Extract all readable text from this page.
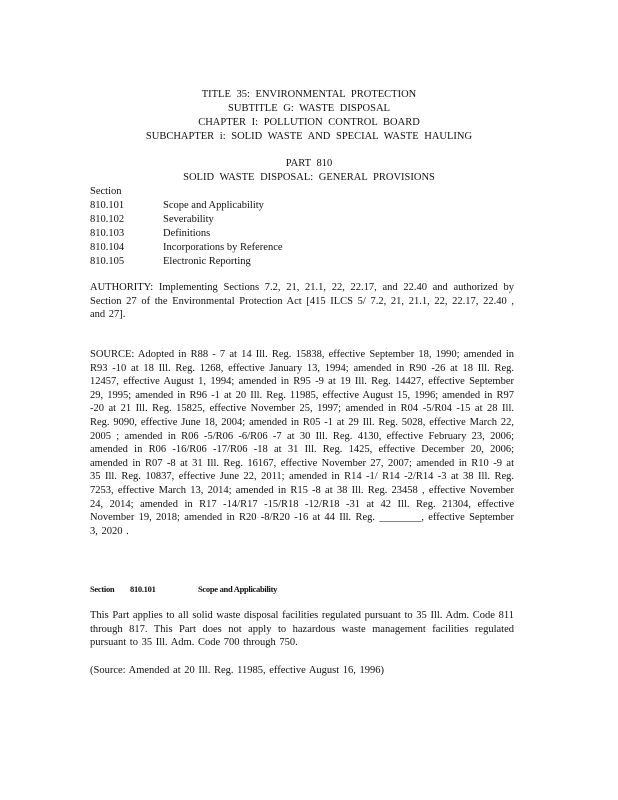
TITLE 35: ENVIRONMENTAL PROTECTION
SUBTITLE G: WASTE DISPOSAL
CHAPTER I: POLLUTION CONTROL BOARD
SUBCHAPTER i: SOLID WASTE AND SPECIAL WASTE HAULING
PART 810
SOLID WASTE DISPOSAL: GENERAL PROVISIONS
Section
810.101	Scope and Applicability
810.102	Severability
810.103	Definitions
810.104	Incorporations by Reference
810.105	Electronic Reporting
AUTHORITY: Implementing Sections 7.2, 21, 21.1, 22, 22.17, and 22.40 and authorized by Section 27 of the Environmental Protection Act [415 ILCS 5/ 7.2, 21, 21.1, 22, 22.17, 22.40 , and 27].
SOURCE: Adopted in R88 - 7 at 14 Ill. Reg. 15838, effective September 18, 1990; amended in R93 -10 at 18 Ill. Reg. 1268, effective January 13, 1994; amended in R90 -26 at 18 Ill. Reg. 12457, effective August 1, 1994; amended in R95 -9 at 19 Ill. Reg. 14427, effective September 29, 1995; amended in R96 -1 at 20 Ill. Reg. 11985, effective August 15, 1996; amended in R97 -20 at 21 Ill. Reg. 15825, effective November 25, 1997; amended in R04 -5/R04 -15 at 28 Ill. Reg. 9090, effective June 18, 2004; amended in R05 -1 at 29 Ill. Reg. 5028, effective March 22, 2005 ; amended in R06 -5/R06 -6/R06 -7 at 30 Ill. Reg. 4130, effective February 23, 2006; amended in R06 -16/R06 -17/R06 -18 at 31 Ill. Reg. 1425, effective December 20, 2006; amended in R07 -8 at 31 Ill. Reg. 16167, effective November 27, 2007; amended in R10 -9 at 35 Ill. Reg. 10837, effective June 22, 2011; amended in R14 -1/ R14 -2/R14 -3 at 38 Ill. Reg. 7253, effective March 13, 2014; amended in R15 -8 at 38 Ill. Reg. 23458 , effective November 24, 2014; amended in R17 -14/R17 -15/R18 -12/R18 -31 at 42 Ill. Reg. 21304, effective November 19, 2018; amended in R20 -8/R20 -16 at 44 Ill. Reg. ________, effective September 3, 2020 .
Section 810.101	Scope and Applicability
This Part applies to all solid waste disposal facilities regulated pursuant to 35 Ill. Adm. Code 811 through 817. This Part does not apply to hazardous waste management facilities regulated pursuant to 35 Ill. Adm. Code 700 through 750.
(Source: Amended at 20 Ill. Reg. 11985, effective August 16, 1996)
